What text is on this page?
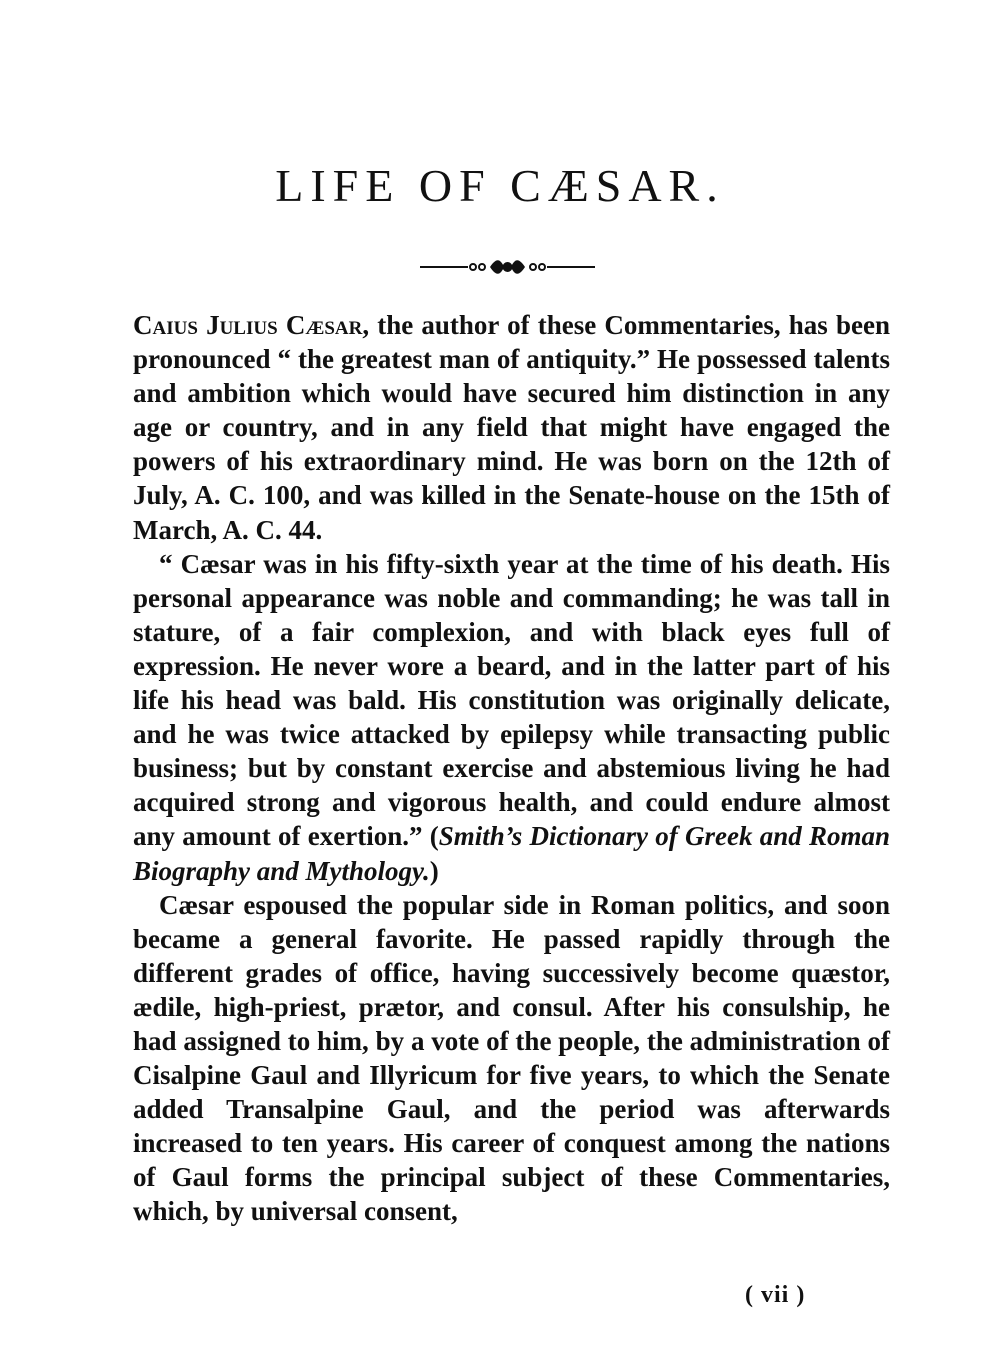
LIFE OF CÆSAR.

Caius Julius Cæsar, the author of these Commentaries, has been pronounced “ the greatest man of antiquity.” He possessed talents and ambition which would have secured him distinction in any age or country, and in any field that might have engaged the powers of his extraordinary mind. He was born on the 12th of July, A. C. 100, and was killed in the Senate-house on the 15th of March, A. C. 44.

“ Cæsar was in his fifty-sixth year at the time of his death. His personal appearance was noble and commanding; he was tall in stature, of a fair complexion, and with black eyes full of expression. He never wore a beard, and in the latter part of his life his head was bald. His constitution was originally delicate, and he was twice attacked by epilepsy while transacting public business; but by constant exercise and abstemious living he had acquired strong and vigorous health, and could endure almost any amount of exertion.” (Smith’s Dictionary of Greek and Roman Biography and Mythology.)

Cæsar espoused the popular side in Roman politics, and soon became a general favorite. He passed rapidly through the different grades of office, having successively become quæstor, ædile, high-priest, prætor, and consul. After his consulship, he had assigned to him, by a vote of the people, the administration of Cisalpine Gaul and Illyricum for five years, to which the Senate added Transalpine Gaul, and the period was afterwards increased to ten years. His career of conquest among the nations of Gaul forms the principal subject of these Commentaries, which, by universal consent,

( vii )
